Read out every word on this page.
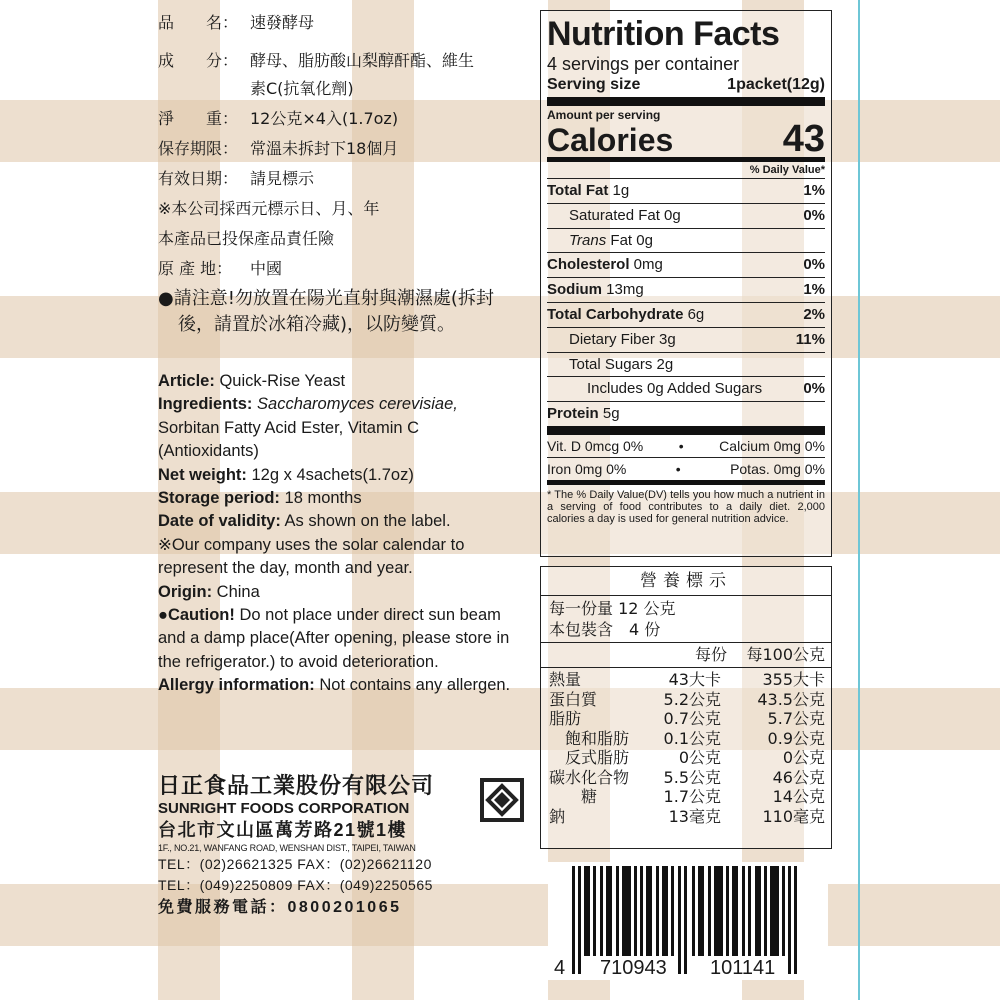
品　　名： 速發酵母
成　　分： 酵母、脂肪酸山梨醇酐酯、維生
素C(抗氧化劑)
淨　　重： 12公克×4入(1.7oz)
保存期限： 常溫未拆封下18個月
有效日期： 請見標示
※本公司採西元標示日、月、年
本產品已投保產品責任險
原 產 地： 中國
●請注意!勿放置在陽光直射與潮濕處(拆封
後，請置於冰箱冷藏)，以防變質。

Article: Quick-Rise Yeast

Ingredients: Saccharomyces cerevisiae, Sorbitan Fatty Acid Ester, Vitamin C (Antioxidants)

Net weight: 12g x 4sachets(1.7oz)

Storage period: 18 months

Date of validity: As shown on the label.

※Our company uses the solar calendar to represent the day, month and year.

Origin: China

●Caution! Do not place under direct sun beam and a damp place(After opening, please store in the refrigerator.) to avoid deterioration.

Allergy information: Not contains any allergen.

日正食品工業股份有限公司
SUNRIGHT FOODS CORPORATION
台北市文山區萬芳路21號1樓
1F., NO.21, WANFANG ROAD, WENSHAN DIST., TAIPEI, TAIWAN
TEL：(02)26621325 FAX：(02)26621120
TEL：(049)2250809 FAX：(049)2250565
免費服務電話：0800201065
Nutrition Facts
4 servings per container
Serving size	1packet(12g)
Amount per serving
Calories	43
% Daily Value*
Total Fat 1g	1%
Saturated Fat 0g	0%
Trans Fat 0g
Cholesterol 0mg	0%
Sodium 13mg	1%
Total Carbohydrate 6g	2%
Dietary Fiber 3g	11%
Total Sugars 2g
Includes 0g Added Sugars	0%
Protein 5g
Vit. D 0mcg 0%	•	Calcium 0mg 0%
Iron 0mg 0%	•	Potas. 0mg 0%
* The % Daily Value(DV) tells you how much a nutrient in a serving of food contributes to a daily diet. 2,000 calories a day is used for general nutrition advice.
營養標示
每一份量 12 公克
本包裝含　4 份
每份	每100公克
熱量	43大卡	355大卡
蛋白質	5.2公克	43.5公克
脂肪	0.7公克	5.7公克
　飽和脂肪	0.1公克	0.9公克
　反式脂肪	0公克	0公克
碳水化合物	5.5公克	46公克
　　糖	1.7公克	14公克
鈉	13毫克	110毫克
4 710943 101141
